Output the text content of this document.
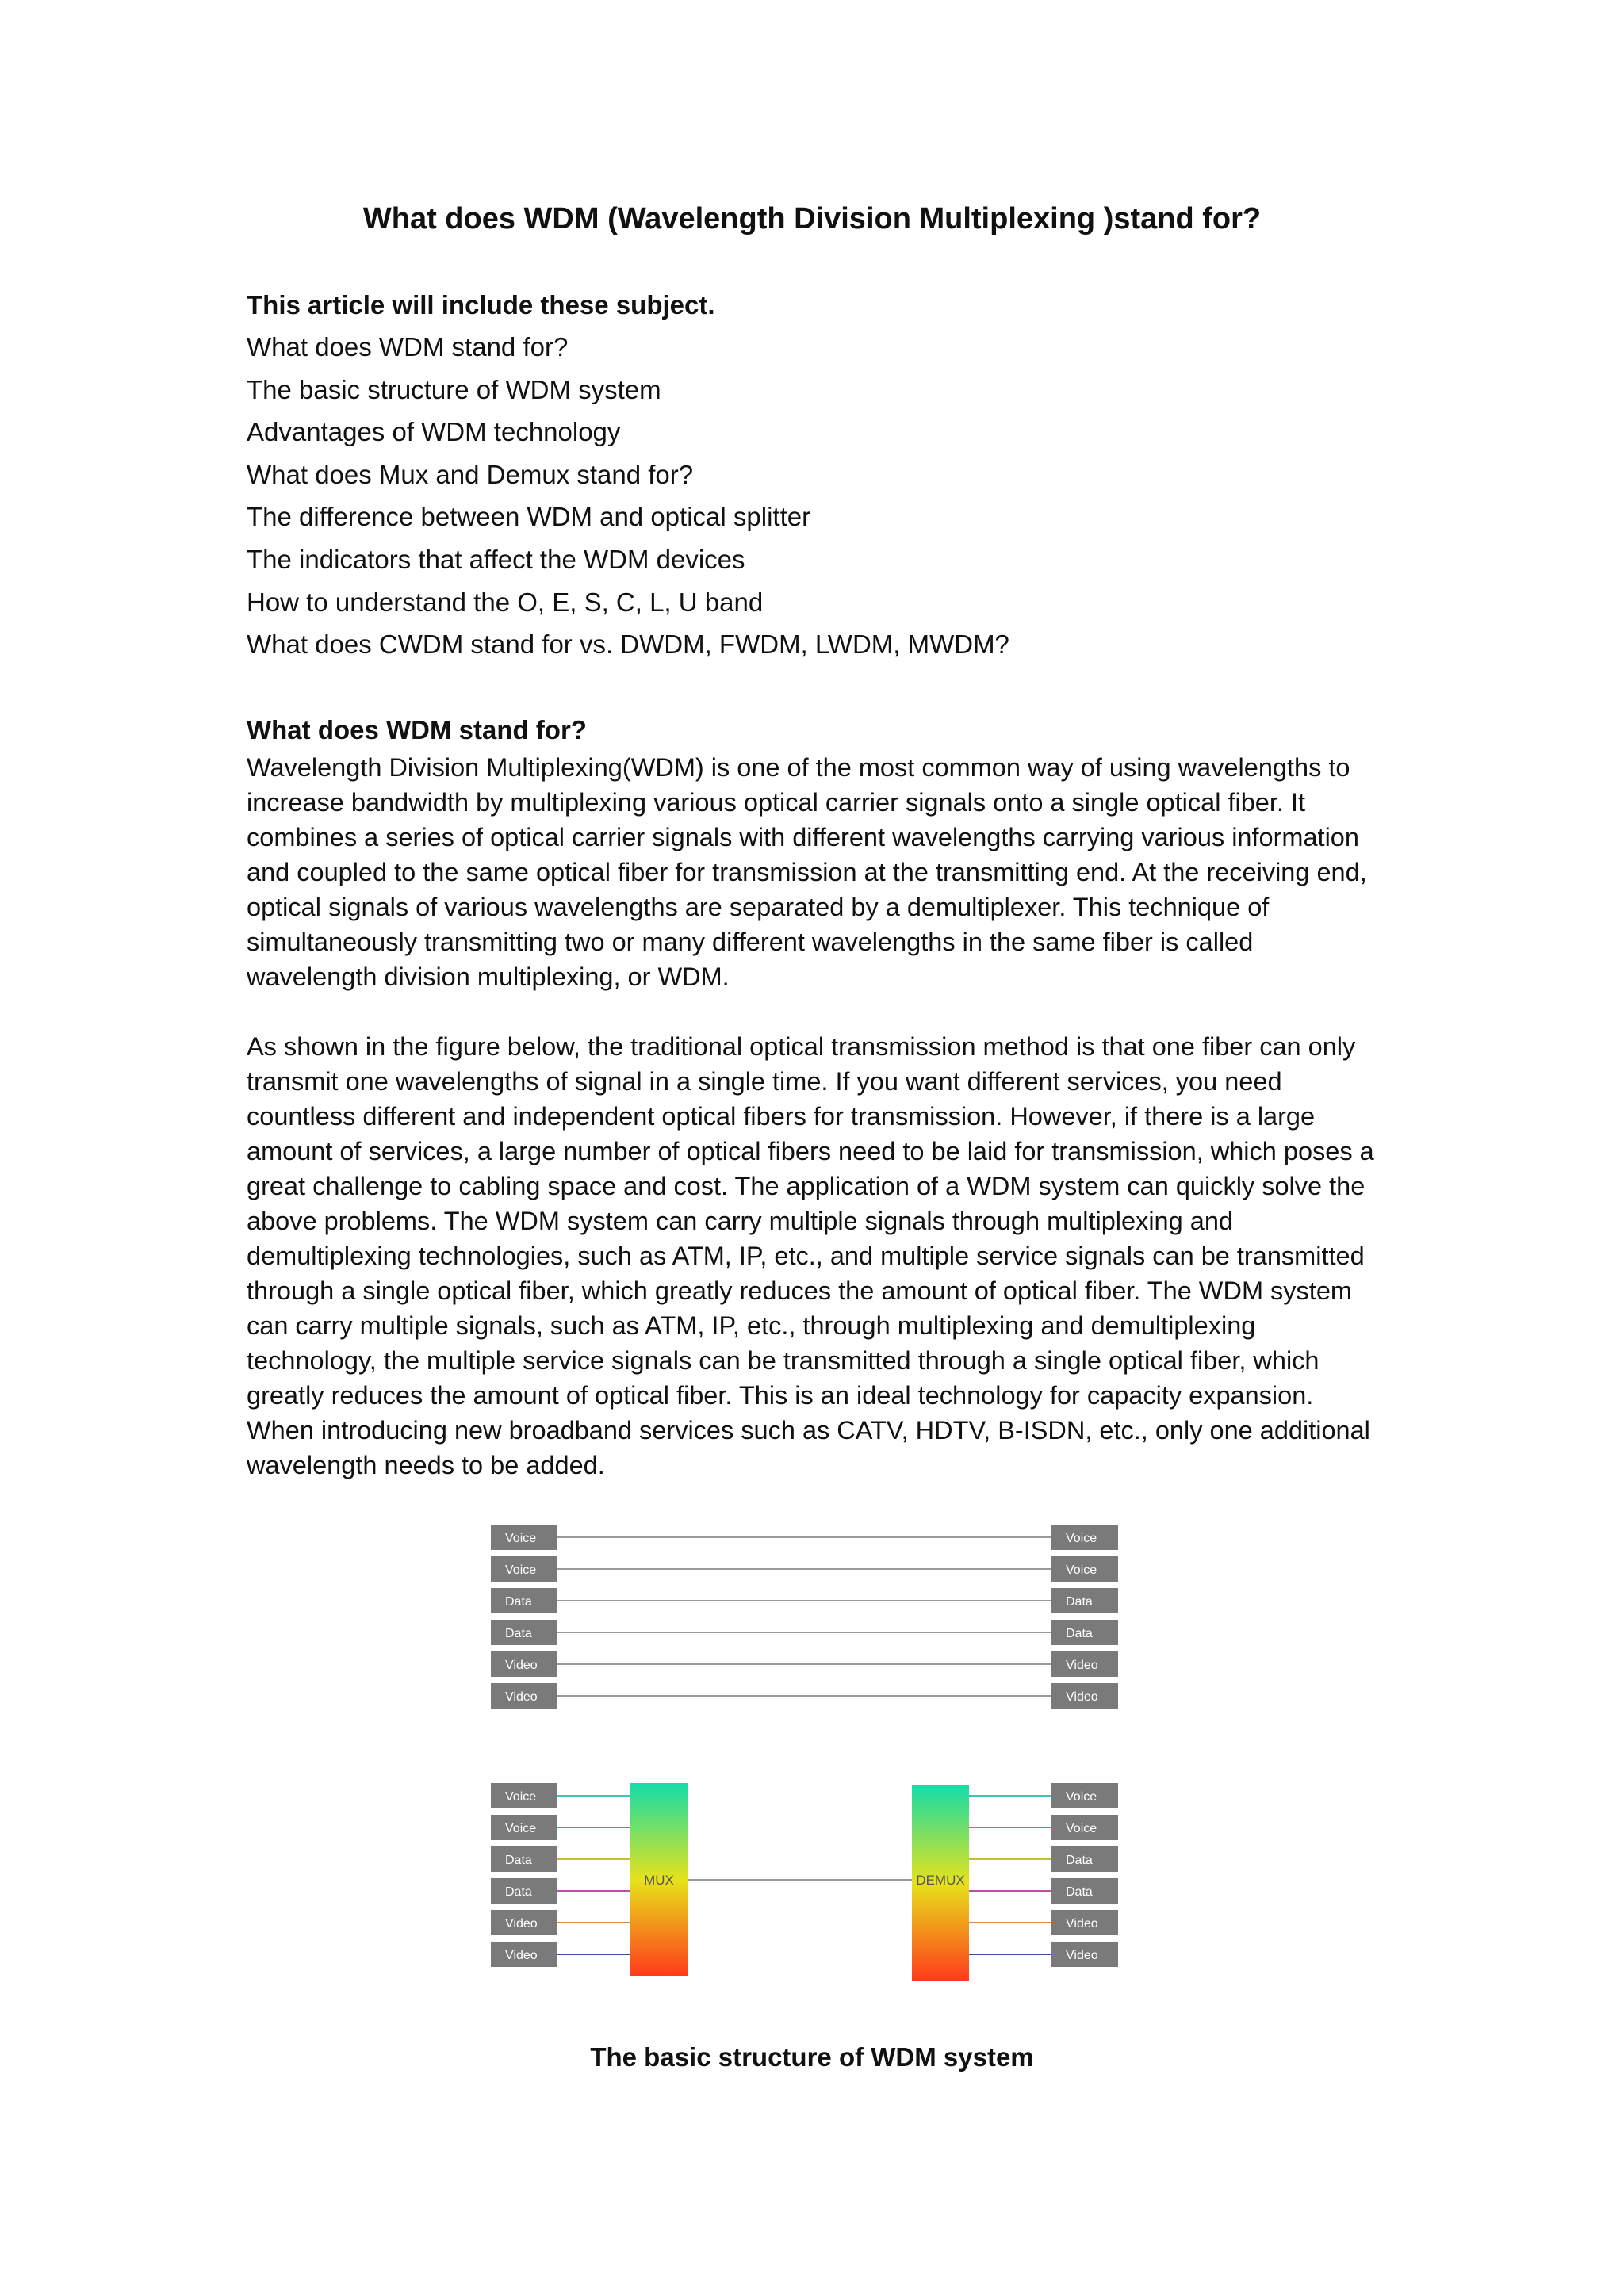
What does WDM (Wavelength Division Multiplexing )stand for?

This article will include these subject.

What does WDM stand for?
The basic structure of WDM system
Advantages of WDM technology
What does Mux and Demux stand for?
The difference between WDM and optical splitter
The indicators that affect the WDM devices
How to understand the O, E, S, C, L, U band
What does CWDM stand for vs. DWDM, FWDM, LWDM, MWDM?

What does WDM stand for?

Wavelength Division Multiplexing(WDM) is one of the most common way of using wavelengths to increase bandwidth by multiplexing various optical carrier signals onto a single optical fiber. It combines a series of optical carrier signals with different wavelengths carrying various information and coupled to the same optical fiber for transmission at the transmitting end. At the receiving end, optical signals of various wavelengths are separated by a demultiplexer. This technique of simultaneously transmitting two or many different wavelengths in the same fiber is called wavelength division multiplexing, or WDM.

As shown in the figure below, the traditional optical transmission method is that one fiber can only transmit one wavelengths of signal in a single time. If you want different services, you need countless different and independent optical fibers for transmission. However, if there is a large amount of services, a large number of optical fibers need to be laid for transmission, which poses a great challenge to cabling space and cost. The application of a WDM system can quickly solve the above problems. The WDM system can carry multiple signals through multiplexing and demultiplexing technologies, such as ATM, IP, etc., and multiple service signals can be transmitted through a single optical fiber, which greatly reduces the amount of optical fiber. The WDM system can carry multiple signals, such as ATM, IP, etc., through multiplexing and demultiplexing technology, the multiple service signals can be transmitted through a single optical fiber, which greatly reduces the amount of optical fiber. This is an ideal technology for capacity expansion. When introducing new broadband services such as CATV, HDTV, B-ISDN, etc., only one additional wavelength needs to be added.

Voice	Voice
Voice	Voice
Data	Data
Data	Data
Video	Video
Video	Video
Voice	Voice
Voice	Voice
Data	Data
Data	Data
Video	Video
Video	Video
MUX	DEMUX

The basic structure of WDM system
